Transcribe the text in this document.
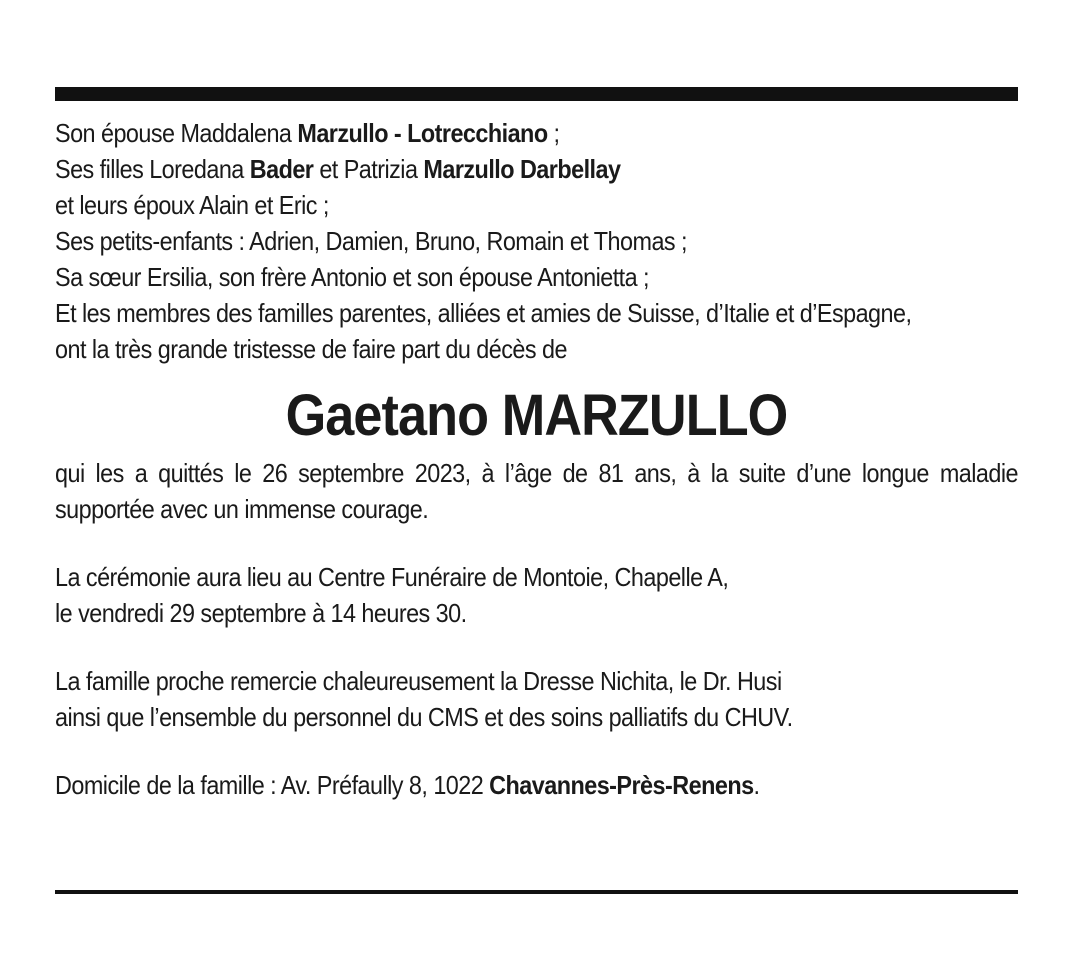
Son épouse Maddalena Marzullo - Lotrecchiano ;

Ses filles Loredana Bader et Patrizia Marzullo Darbellay

et leurs époux Alain et Eric ;

Ses petits-enfants : Adrien, Damien, Bruno, Romain et Thomas ;

Sa sœur Ersilia, son frère Antonio et son épouse Antonietta ;

Et les membres des familles parentes, alliées et amies de Suisse, d’Italie et d’Espagne,

ont la très grande tristesse de faire part du décès de

Gaetano MARZULLO

qui les a quittés le 26 septembre 2023, à l’âge de 81 ans, à la suite d’une longue maladie supportée avec un immense courage.

La cérémonie aura lieu au Centre Funéraire de Montoie, Chapelle A,

le vendredi 29 septembre à 14 heures 30.

La famille proche remercie chaleureusement la Dresse Nichita, le Dr. Husi

ainsi que l’ensemble du personnel du CMS et des soins palliatifs du CHUV.

Domicile de la famille : Av. Préfaully 8, 1022 Chavannes-Près-Renens.
